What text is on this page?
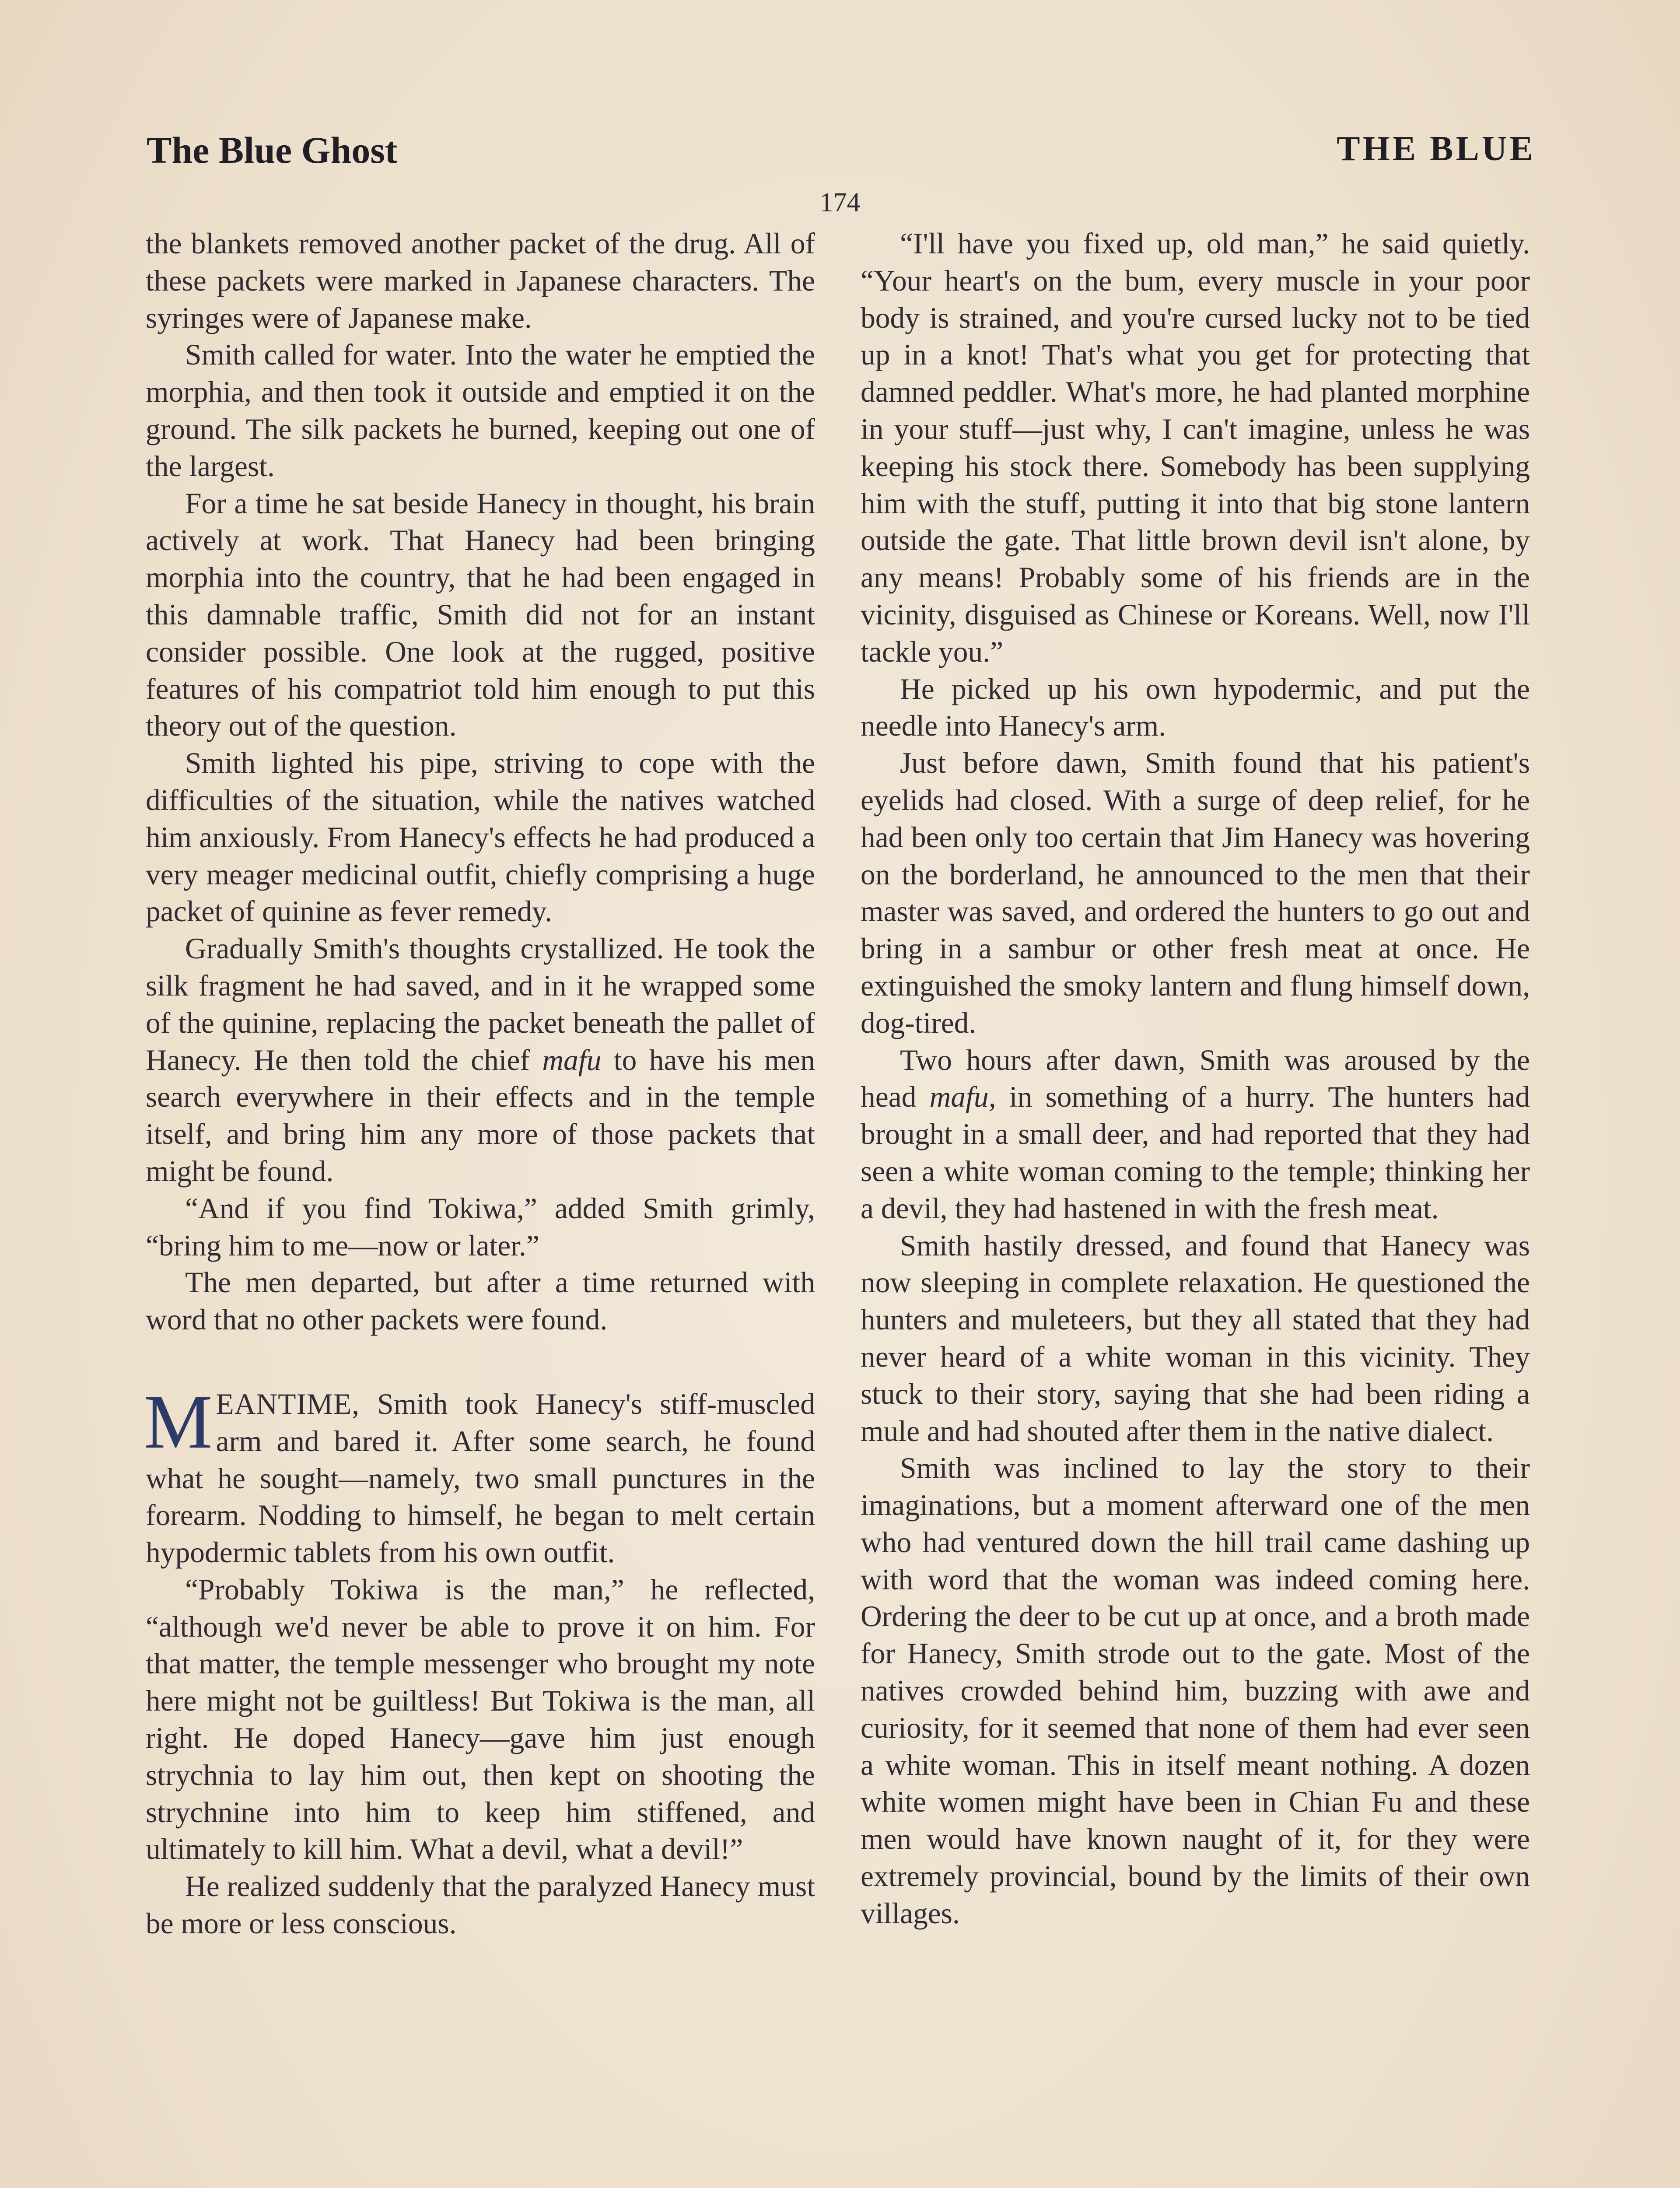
The Blue Ghost	THE BLUE
174

the blankets removed another packet of the drug. All of these packets were marked in Japanese characters. The syringes were of Japanese make.

Smith called for water. Into the water he emptied the morphia, and then took it outside and emptied it on the ground. The silk packets he burned, keeping out one of the largest.

For a time he sat beside Hanecy in thought, his brain actively at work. That Hanecy had been bringing morphia into the country, that he had been engaged in this damnable traffic, Smith did not for an instant consider possible. One look at the rugged, positive features of his compatriot told him enough to put this theory out of the question.

Smith lighted his pipe, striving to cope with the difficulties of the situation, while the natives watched him anxiously. From Hanecy's effects he had produced a very meager medicinal outfit, chiefly comprising a huge packet of quinine as fever remedy.

Gradually Smith's thoughts crystallized. He took the silk fragment he had saved, and in it he wrapped some of the quinine, replacing the packet beneath the pallet of Hanecy. He then told the chief mafu to have his men search everywhere in their effects and in the temple itself, and bring him any more of those packets that might be found.

“And if you find Tokiwa,” added Smith grimly, “bring him to me—now or later.”

The men departed, but after a time returned with word that no other packets were found.

MEANTIME, Smith took Hanecy's stiff-muscled arm and bared it. After some search, he found what he sought—namely, two small punctures in the forearm. Nodding to himself, he began to melt certain hypodermic tablets from his own outfit.

“Probably Tokiwa is the man,” he reflected, “although we'd never be able to prove it on him. For that matter, the temple messenger who brought my note here might not be guiltless! But Tokiwa is the man, all right. He doped Hanecy—gave him just enough strychnia to lay him out, then kept on shooting the strychnine into him to keep him stiffened, and ultimately to kill him. What a devil, what a devil!”

He realized suddenly that the paralyzed Hanecy must be more or less conscious.

“I'll have you fixed up, old man,” he said quietly. “Your heart's on the bum, every muscle in your poor body is strained, and you're cursed lucky not to be tied up in a knot! That's what you get for protecting that damned peddler. What's more, he had planted morphine in your stuff—just why, I can't imagine, unless he was keeping his stock there. Somebody has been supplying him with the stuff, putting it into that big stone lantern outside the gate. That little brown devil isn't alone, by any means! Probably some of his friends are in the vicinity, disguised as Chinese or Koreans. Well, now I'll tackle you.”

He picked up his own hypodermic, and put the needle into Hanecy's arm.

Just before dawn, Smith found that his patient's eyelids had closed. With a surge of deep relief, for he had been only too certain that Jim Hanecy was hovering on the borderland, he announced to the men that their master was saved, and ordered the hunters to go out and bring in a sambur or other fresh meat at once. He extinguished the smoky lantern and flung himself down, dog-tired.

Two hours after dawn, Smith was aroused by the head mafu, in something of a hurry. The hunters had brought in a small deer, and had reported that they had seen a white woman coming to the temple; thinking her a devil, they had hastened in with the fresh meat.

Smith hastily dressed, and found that Hanecy was now sleeping in complete relaxation. He questioned the hunters and muleteers, but they all stated that they had never heard of a white woman in this vicinity. They stuck to their story, saying that she had been riding a mule and had shouted after them in the native dialect.

Smith was inclined to lay the story to their imaginations, but a moment afterward one of the men who had ventured down the hill trail came dashing up with word that the woman was indeed coming here. Ordering the deer to be cut up at once, and a broth made for Hanecy, Smith strode out to the gate. Most of the natives crowded behind him, buzzing with awe and curiosity, for it seemed that none of them had ever seen a white woman. This in itself meant nothing. A dozen white women might have been in Chian Fu and these men would have known naught of it, for they were extremely provincial, bound by the limits of their own villages.
